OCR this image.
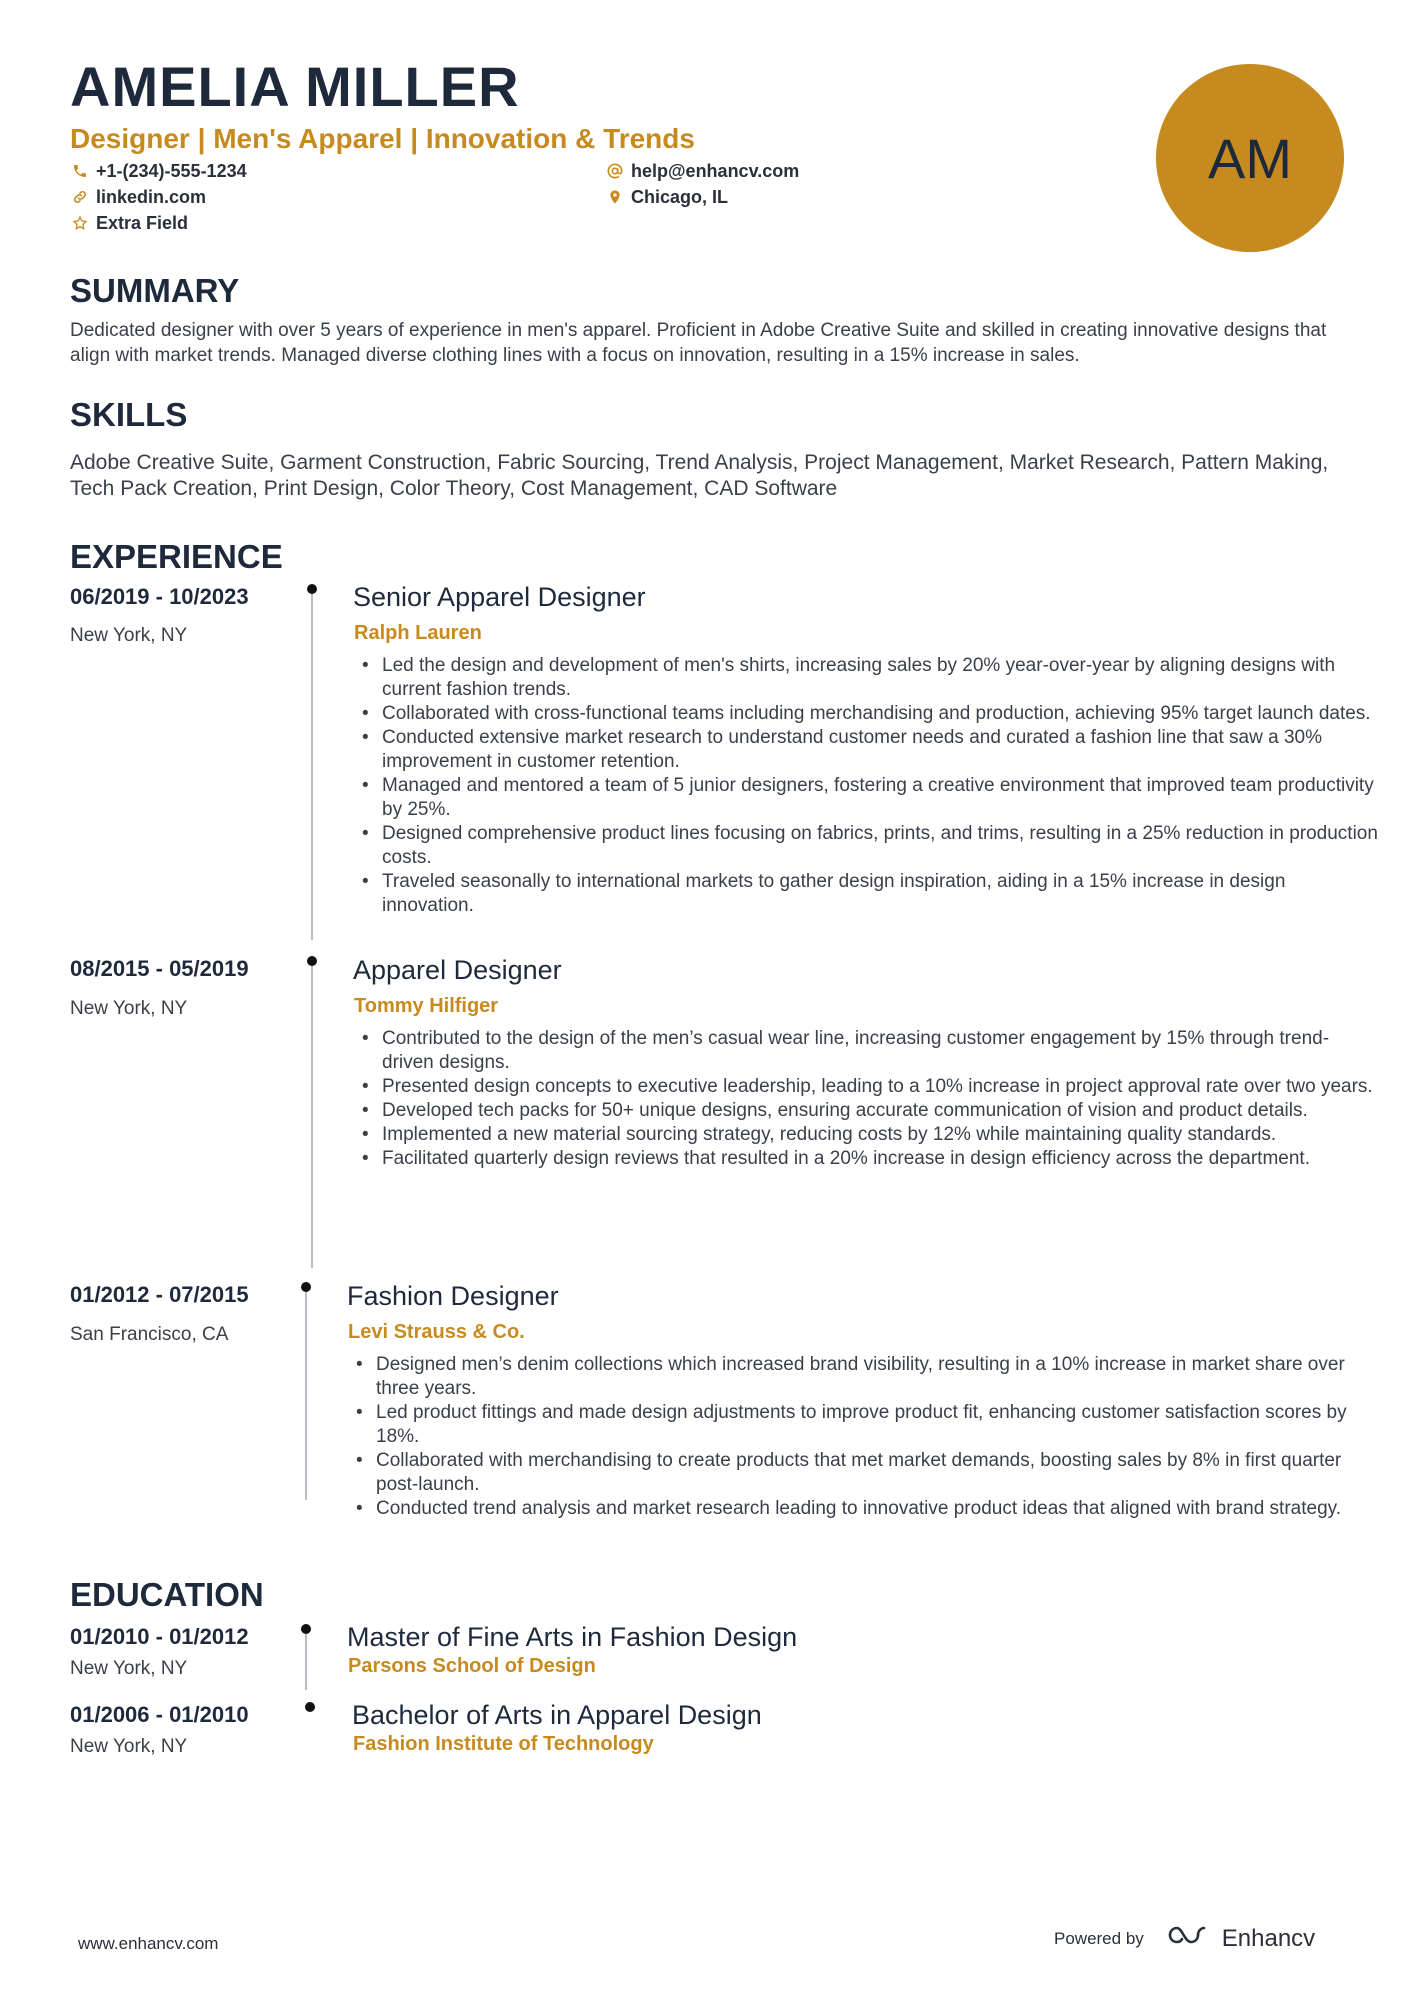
AMELIA MILLER
Designer | Men's Apparel | Innovation & Trends
+1-(234)-555-1234	help@enhancv.com
linkedin.com	Chicago, IL
Extra Field
AM
SUMMARY

Dedicated designer with over 5 years of experience in men's apparel. Proficient in Adobe Creative Suite and skilled in creating innovative designs that align with market trends. Managed diverse clothing lines with a focus on innovation, resulting in a 15% increase in sales.

SKILLS

Adobe Creative Suite, Garment Construction, Fabric Sourcing, Trend Analysis, Project Management, Market Research, Pattern Making, Tech Pack Creation, Print Design, Color Theory, Cost Management, CAD Software

EXPERIENCE
06/2019 - 10/2023
New York, NY
Senior Apparel Designer
Ralph Lauren
• Led the design and development of men's shirts, increasing sales by 20% year-over-year by aligning designs with current fashion trends.
• Collaborated with cross-functional teams including merchandising and production, achieving 95% target launch dates.
• Conducted extensive market research to understand customer needs and curated a fashion line that saw a 30% improvement in customer retention.
• Managed and mentored a team of 5 junior designers, fostering a creative environment that improved team productivity by 25%.
• Designed comprehensive product lines focusing on fabrics, prints, and trims, resulting in a 25% reduction in production costs.
• Traveled seasonally to international markets to gather design inspiration, aiding in a 15% increase in design innovation.
08/2015 - 05/2019
New York, NY
Apparel Designer
Tommy Hilfiger
• Contributed to the design of the men’s casual wear line, increasing customer engagement by 15% through trend-driven designs.
• Presented design concepts to executive leadership, leading to a 10% increase in project approval rate over two years.
• Developed tech packs for 50+ unique designs, ensuring accurate communication of vision and product details.
• Implemented a new material sourcing strategy, reducing costs by 12% while maintaining quality standards.
• Facilitated quarterly design reviews that resulted in a 20% increase in design efficiency across the department.
01/2012 - 07/2015
San Francisco, CA
Fashion Designer
Levi Strauss & Co.
• Designed men’s denim collections which increased brand visibility, resulting in a 10% increase in market share over three years.
• Led product fittings and made design adjustments to improve product fit, enhancing customer satisfaction scores by 18%.
• Collaborated with merchandising to create products that met market demands, boosting sales by 8% in first quarter post-launch.
• Conducted trend analysis and market research leading to innovative product ideas that aligned with brand strategy.
EDUCATION
01/2010 - 01/2012
New York, NY
Master of Fine Arts in Fashion Design
Parsons School of Design
01/2006 - 01/2010
New York, NY
Bachelor of Arts in Apparel Design
Fashion Institute of Technology
www.enhancv.com	Powered by	Enhancv
